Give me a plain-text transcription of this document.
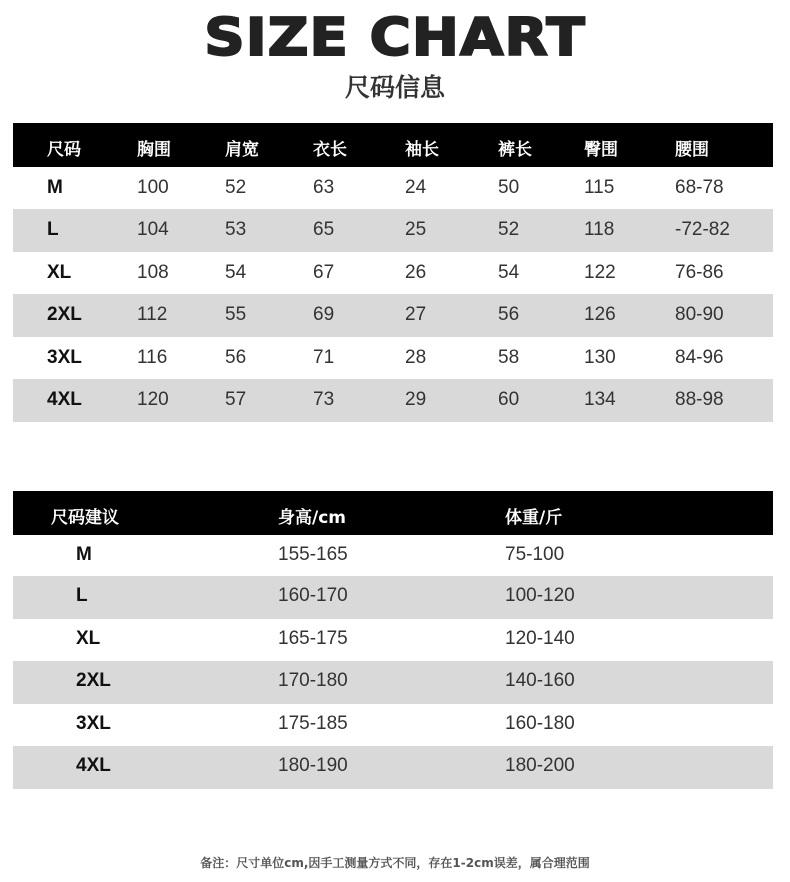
SIZE CHART
尺码信息
尺码	胸围	肩宽	衣长	袖长	裤长	臀围	腰围
M	100	52	63	24	50	115	68-78
L	104	53	65	25	52	118	-72-82
XL	108	54	67	26	54	122	76-86
2XL	112	55	69	27	56	126	80-90
3XL	116	56	71	28	58	130	84-96
4XL	120	57	73	29	60	134	88-98
尺码建议	身高/cm	体重/斤
M	155-165	75-100
L	160-170	100-120
XL	165-175	120-140
2XL	170-180	140-160
3XL	175-185	160-180
4XL	180-190	180-200
备注：尺寸单位cm,因手工测量方式不同，存在1-2cm误差，属合理范围
